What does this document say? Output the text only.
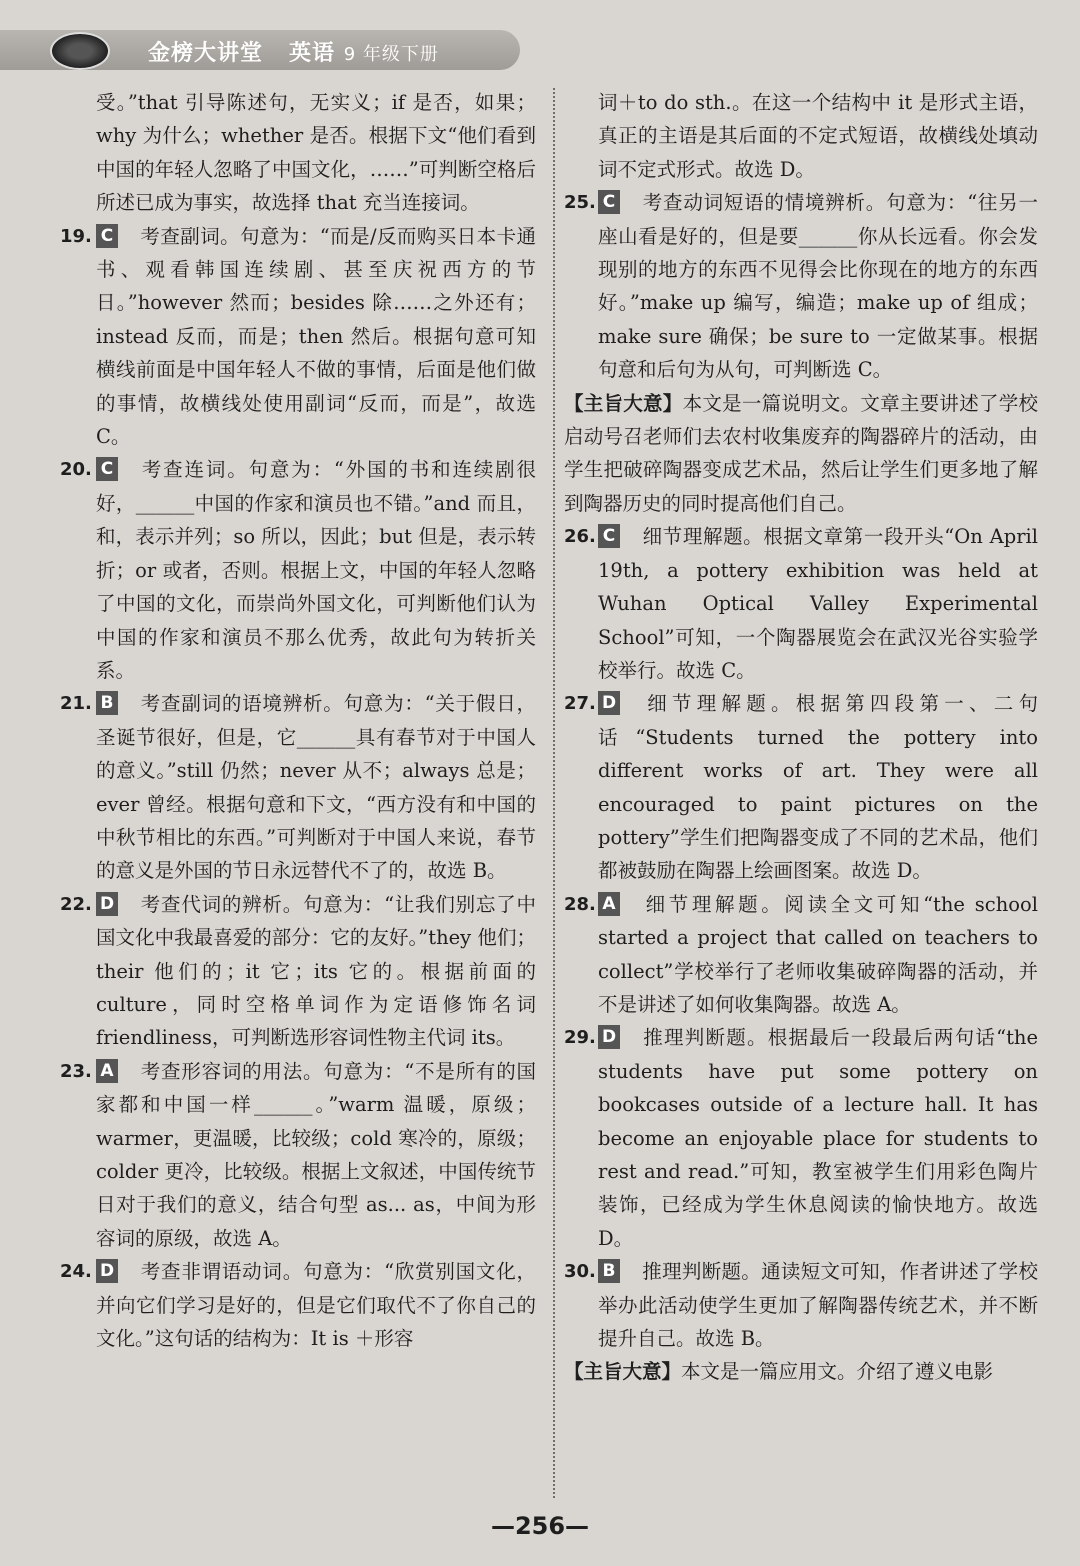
金榜大讲堂 英语 9 年级下册

受。”that 引导陈述句，无实义；if 是否，如果；why 为什么；whether 是否。根据下文“他们看到中国的年轻人忽略了中国文化，……”可判断空格后所述已成为事实，故选择 that 充当连接词。

19. C 考查副词。句意为：“而是/反而购买日本卡通书、观看韩国连续剧、甚至庆祝西方的节日。”however 然而；besides 除……之外还有；instead 反而，而是；then 然后。根据句意可知横线前面是中国年轻人不做的事情，后面是他们做的事情，故横线处使用副词“反而，而是”，故选 C。
20. C 考查连词。句意为：“外国的书和连续剧很好，______中国的作家和演员也不错。”and 而且，和，表示并列；so 所以，因此；but 但是，表示转折；or 或者，否则。根据上文，中国的年轻人忽略了中国的文化，而崇尚外国文化，可判断他们认为中国的作家和演员不那么优秀，故此句为转折关系。
21. B 考查副词的语境辨析。句意为：“关于假日，圣诞节很好，但是，它______具有春节对于中国人的意义。”still 仍然；never 从不；always 总是；ever 曾经。根据句意和下文，“西方没有和中国的中秋节相比的东西。”可判断对于中国人来说，春节的意义是外国的节日永远替代不了的，故选 B。
22. D 考查代词的辨析。句意为：“让我们别忘了中国文化中我最喜爱的部分：它的友好。”they 他们；their 他们的；it 它；its 它的。根据前面的 culture，同时空格单词作为定语修饰名词 friendliness，可判断选形容词性物主代词 its。
23. A 考查形容词的用法。句意为：“不是所有的国家都和中国一样______。”warm 温暖，原级；warmer，更温暖，比较级；cold 寒冷的，原级；colder 更冷，比较级。根据上文叙述，中国传统节日对于我们的意义，结合句型 as... as，中间为形容词的原级，故选 A。
24. D 考查非谓语动词。句意为：“欣赏别国文化，并向它们学习是好的，但是它们取代不了你自己的文化。”这句话的结构为：It is ＋形容

词＋to do sth.。在这一个结构中 it 是形式主语，真正的主语是其后面的不定式短语，故横线处填动词不定式形式。故选 D。

25. C 考查动词短语的情境辨析。句意为：“往另一座山看是好的，但是要______你从长远看。你会发现别的地方的东西不见得会比你现在的地方的东西好。”make up 编写，编造；make up of 组成；make sure 确保；be sure to 一定做某事。根据句意和后句为从句，可判断选 C。

【主旨大意】本文是一篇说明文。文章主要讲述了学校启动号召老师们去农村收集废弃的陶器碎片的活动，由学生把破碎陶器变成艺术品，然后让学生们更多地了解到陶器历史的同时提高他们自己。

26. C 细节理解题。根据文章第一段开头“On April 19th, a pottery exhibition was held at Wuhan Optical Valley Experimental School”可知，一个陶器展览会在武汉光谷实验学校举行。故选 C。
27. D 细节理解题。根据第四段第一、二句话“Students turned the pottery into different works of art. They were all encouraged to paint pictures on the pottery”学生们把陶器变成了不同的艺术品，他们都被鼓励在陶器上绘画图案。故选 D。
28. A 细节理解题。阅读全文可知“the school started a project that called on teachers to collect”学校举行了老师收集破碎陶器的活动，并不是讲述了如何收集陶器。故选 A。
29. D 推理判断题。根据最后一段最后两句话“the students have put some pottery on bookcases outside of a lecture hall. It has become an enjoyable place for students to rest and read.”可知，教室被学生们用彩色陶片装饰，已经成为学生休息阅读的愉快地方。故选 D。
30. B 推理判断题。通读短文可知，作者讲述了学校举办此活动使学生更加了解陶器传统艺术，并不断提升自己。故选 B。

【主旨大意】本文是一篇应用文。介绍了遵义电影

—256—
